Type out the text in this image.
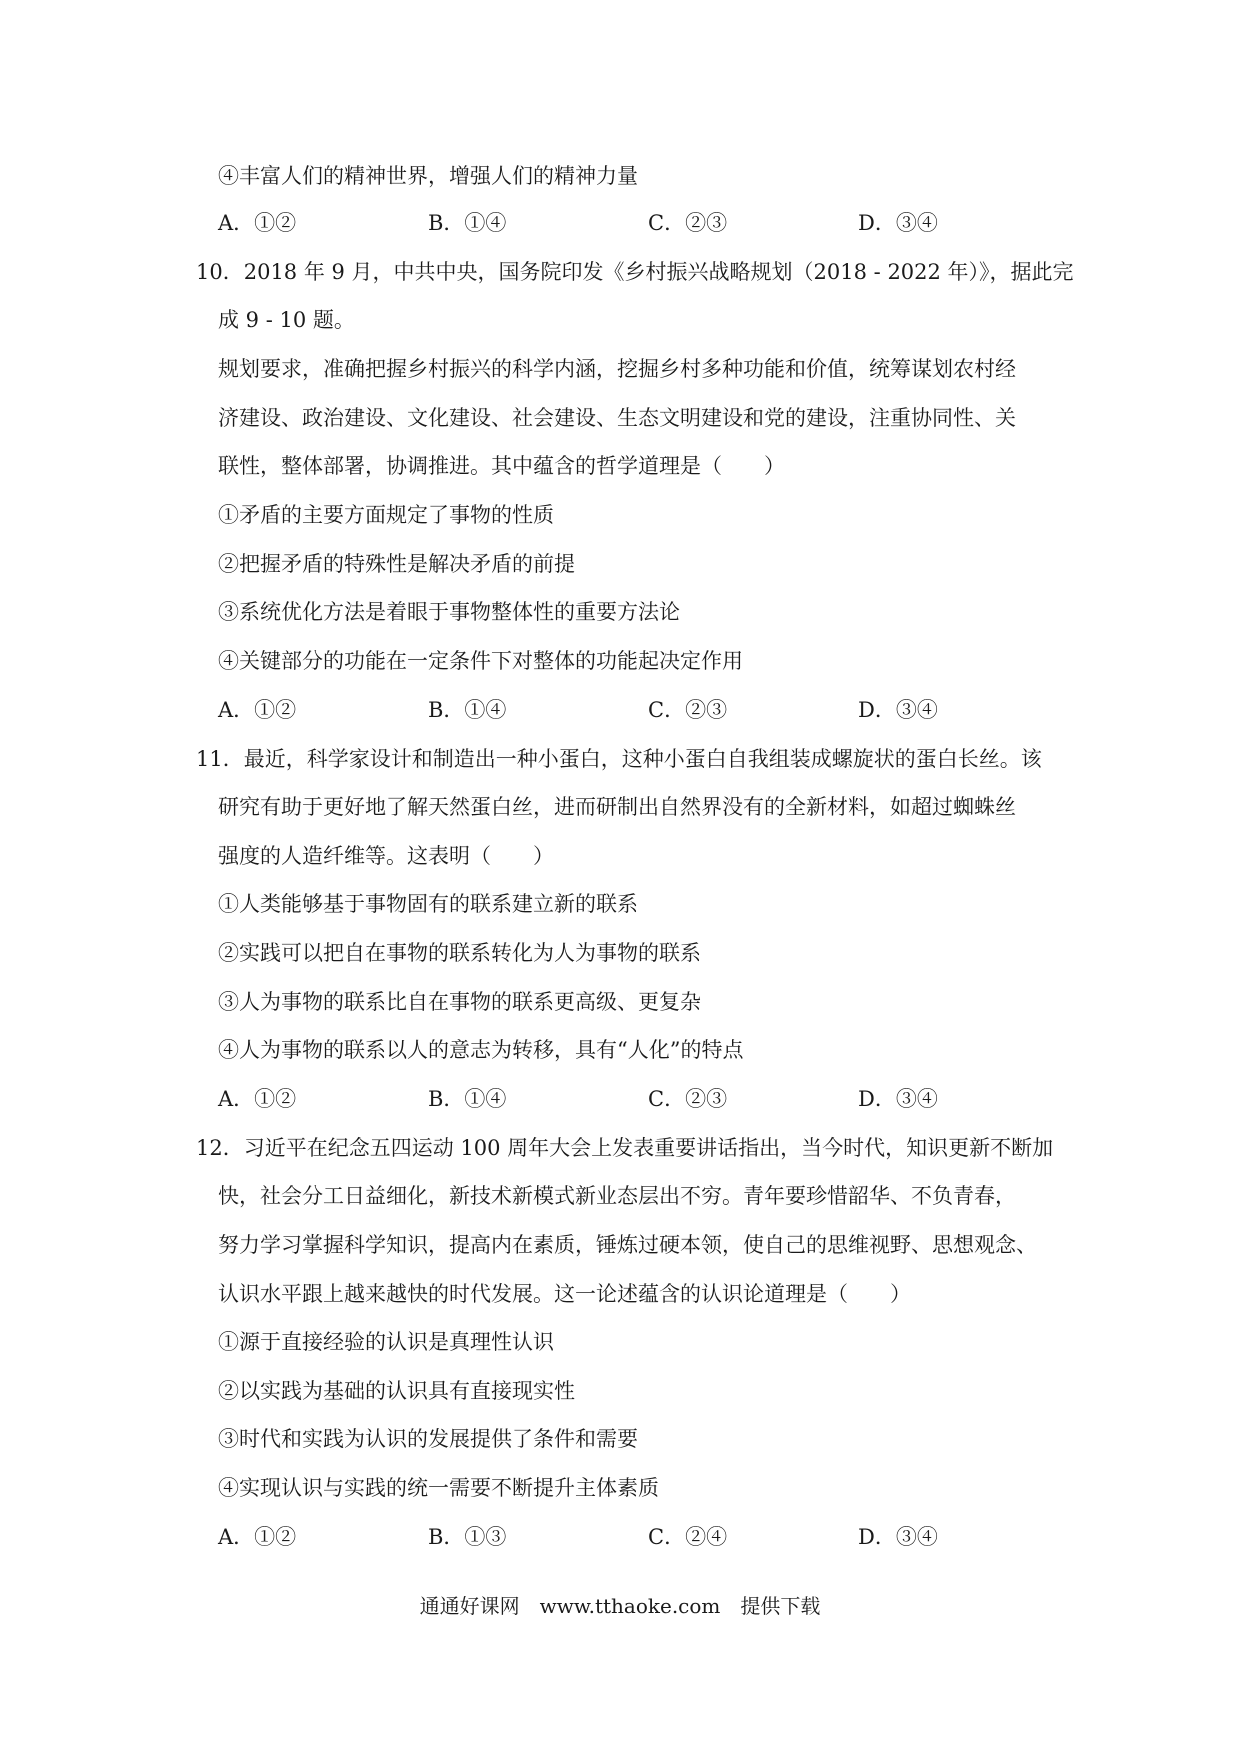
④丰富人们的精神世界，增强人们的精神力量
A．①②	B．①④	C．②③	D．③④
10．2018 年 9 月，中共中央，国务院印发《乡村振兴战略规划（2018 - 2022 年）》，据此完
成 9 - 10 题。
规划要求，准确把握乡村振兴的科学内涵，挖掘乡村多种功能和价值，统筹谋划农村经
济建设、政治建设、文化建设、社会建设、生态文明建设和党的建设，注重协同性、关
联性，整体部署，协调推进。其中蕴含的哲学道理是（　　）
①矛盾的主要方面规定了事物的性质
②把握矛盾的特殊性是解决矛盾的前提
③系统优化方法是着眼于事物整体性的重要方法论
④关键部分的功能在一定条件下对整体的功能起决定作用
A．①②	B．①④	C．②③	D．③④
11．最近，科学家设计和制造出一种小蛋白，这种小蛋白自我组装成螺旋状的蛋白长丝。该
研究有助于更好地了解天然蛋白丝，进而研制出自然界没有的全新材料，如超过蜘蛛丝
强度的人造纤维等。这表明（　　）
①人类能够基于事物固有的联系建立新的联系
②实践可以把自在事物的联系转化为人为事物的联系
③人为事物的联系比自在事物的联系更高级、更复杂
④人为事物的联系以人的意志为转移，具有“人化”的特点
A．①②	B．①④	C．②③	D．③④
12．习近平在纪念五四运动 100 周年大会上发表重要讲话指出，当今时代，知识更新不断加
快，社会分工日益细化，新技术新模式新业态层出不穷。青年要珍惜韶华、不负青春，
努力学习掌握科学知识，提高内在素质，锤炼过硬本领，使自己的思维视野、思想观念、
认识水平跟上越来越快的时代发展。这一论述蕴含的认识论道理是（　　）
①源于直接经验的认识是真理性认识
②以实践为基础的认识具有直接现实性
③时代和实践为认识的发展提供了条件和需要
④实现认识与实践的统一需要不断提升主体素质
A．①②	B．①③	C．②④	D．③④
通通好课网　www.tthaoke.com　提供下载
